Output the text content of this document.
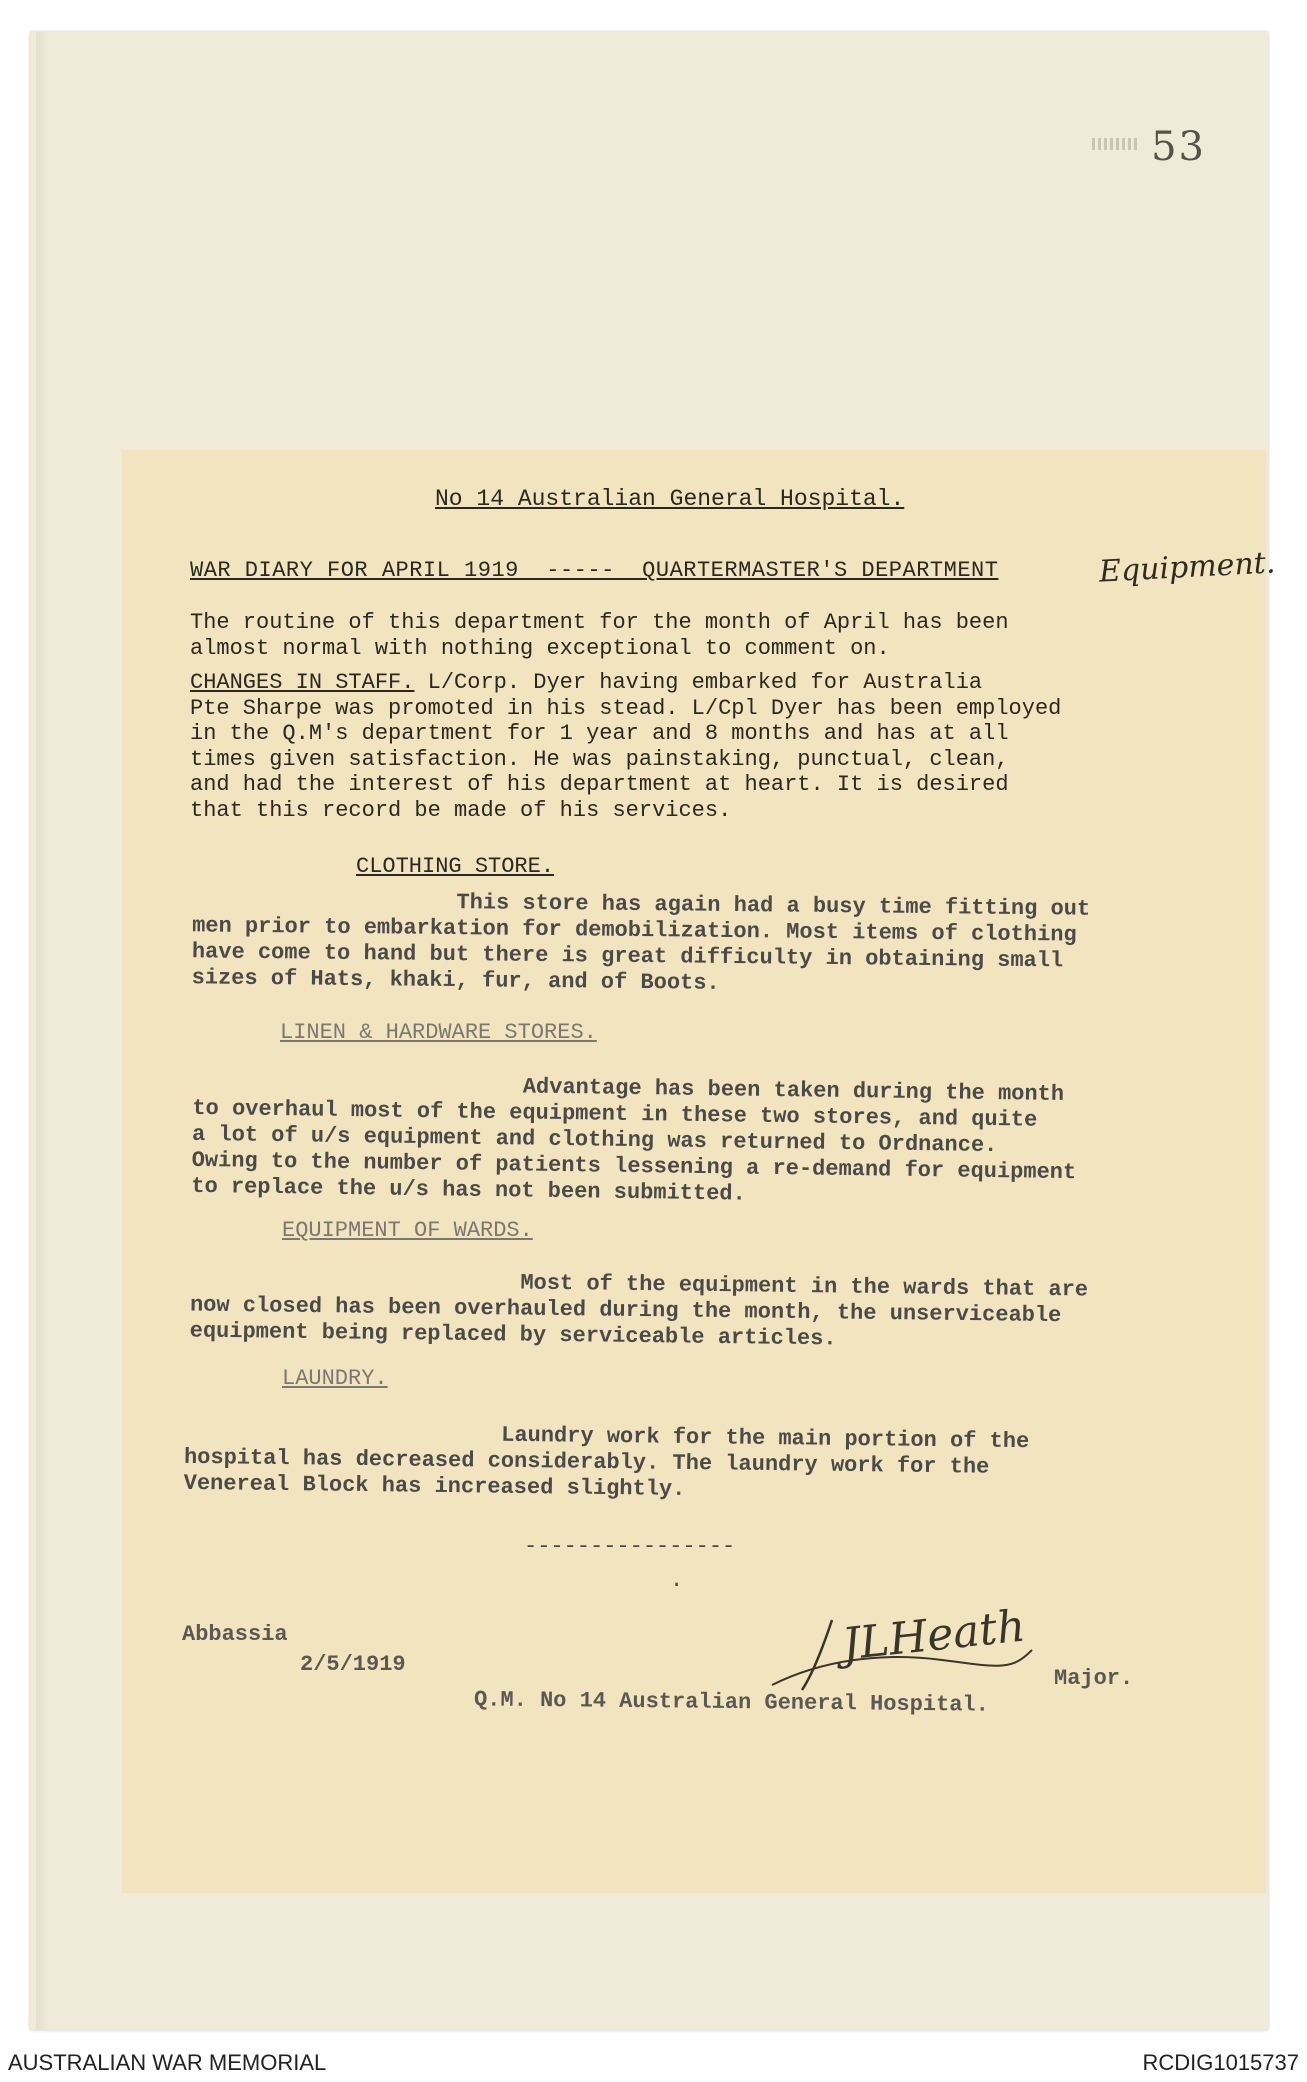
53
No 14 Australian General Hospital.
WAR DIARY FOR APRIL 1919  -----  QUARTERMASTER'S DEPARTMENT	Equipment.
The routine of this department for the month of April has been
almost normal with nothing exceptional to comment on.
CHANGES IN STAFF. L/Corp. Dyer having embarked for Australia
Pte Sharpe was promoted in his stead. L/Cpl Dyer has been employed
in the Q.M's department for 1 year and 8 months and has at all
times given satisfaction. He was painstaking, punctual, clean,
and had the interest of his department at heart. It is desired
that this record be made of his services.
CLOTHING STORE.
This store has again had a busy time fitting out
men prior to embarkation for demobilization. Most items of clothing
have come to hand but there is great difficulty in obtaining small
sizes of Hats, khaki, fur, and of Boots.
LINEN & HARDWARE STORES.
Advantage has been taken during the month
to overhaul most of the equipment in these two stores, and quite
a lot of u/s equipment and clothing was returned to Ordnance.
Owing to the number of patients lessening a re-demand for equipment
to replace the u/s has not been submitted.
EQUIPMENT OF WARDS.
Most of the equipment in the wards that are
now closed has been overhauled during the month, the unserviceable
equipment being replaced by serviceable articles.
LAUNDRY.
Laundry work for the main portion of the
hospital has decreased considerably. The laundry work for the
Venereal Block has increased slightly.
----------------
.
Abbassia
2/5/1919	JLHeath
Major.
Q.M. No 14 Australian General Hospital.
AUSTRALIAN WAR MEMORIAL	RCDIG1015737
